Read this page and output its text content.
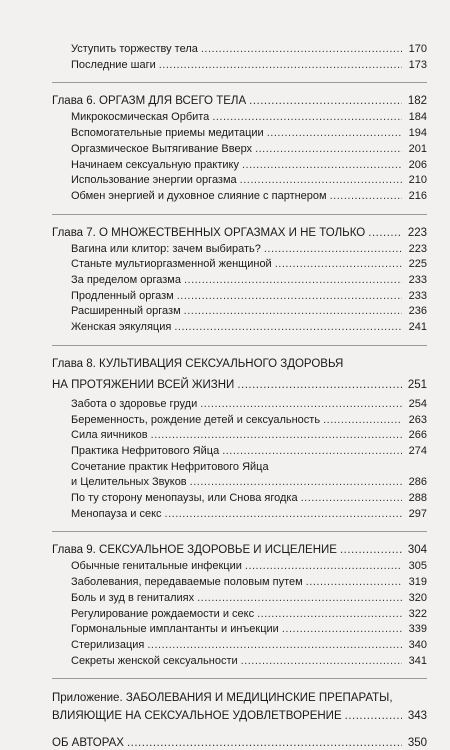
Уступить торжеству тела .....	170
Последние шаги .....	173
Глава 6. ОРГАЗМ ДЛЯ ВСЕГО ТЕЛА .....	182
Микрокосмическая Орбита .....	184
Вспомогательные приемы медитации .....	194
Оргазмическое Вытягивание Вверх .....	201
Начинаем сексуальную практику .....	206
Использование энергии оргазма .....	210
Обмен энергией и духовное слияние с партнером .....	216
Глава 7. О МНОЖЕСТВЕННЫХ ОРГАЗМАХ И НЕ ТОЛЬКО .....	223
Вагина или клитор: зачем выбирать? .....	223
Станьте мультиоргазменной женщиной .....	225
За пределом оргазма .....	233
Продленный оргазм .....	233
Расширенный оргазм .....	236
Женская эякуляция .....	241
Глава 8. КУЛЬТИВАЦИЯ СЕКСУАЛЬНОГО ЗДОРОВЬЯ
НА ПРОТЯЖЕНИИ ВСЕЙ ЖИЗНИ .....	251
Забота о здоровье груди .....	254
Беременность, рождение детей и сексуальность .....	263
Сила яичников .....	266
Практика Нефритового Яйца .....	274
Сочетание практик Нефритового Яйца
и Целительных Звуков .....	286
По ту сторону менопаузы, или Снова ягодка .....	288
Менопауза и секс .....	297
Глава 9. СЕКСУАЛЬНОЕ ЗДОРОВЬЕ И ИСЦЕЛЕНИЕ .....	304
Обычные генитальные инфекции .....	305
Заболевания, передаваемые половым путем .....	319
Боль и зуд в гениталиях .....	320
Регулирование рождаемости и секс .....	322
Гормональные имплантанты и инъекции .....	339
Стерилизация .....	340
Секреты женской сексуальности .....	341
Приложение. ЗАБОЛЕВАНИЯ И МЕДИЦИНСКИЕ ПРЕПАРАТЫ,
ВЛИЯЮЩИЕ НА СЕКСУАЛЬНОЕ УДОВЛЕТВОРЕНИЕ .....	343
ОБ АВТОРАХ .....	350
